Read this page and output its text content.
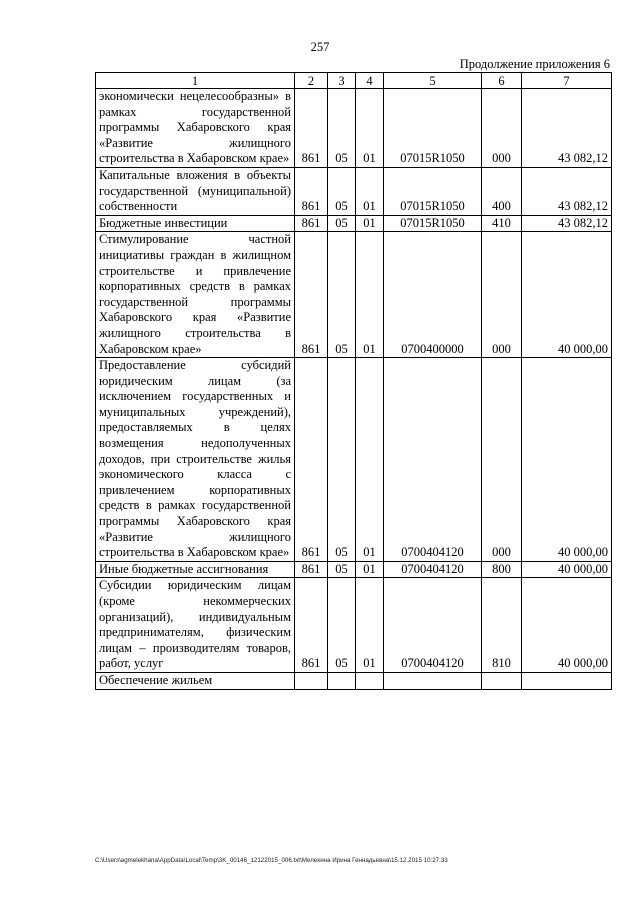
257
Продолжение приложения 6
1	2	3	4	5	6	7
экономически нецелесообразны» в рамках государственной программы Хабаровского края «Развитие жилищного строительства в Хабаровском крае»	861	05	01	07015R1050	000	43 082,12
Капитальные вложения в объекты государственной (муниципальной) собственности	861	05	01	07015R1050	400	43 082,12
Бюджетные инвестиции	861	05	01	07015R1050	410	43 082,12
Стимулирование частной инициативы граждан в жилищном строительстве и привлечение корпоративных средств в рамках государственной программы Хабаровского края «Развитие жилищного строительства в Хабаровском крае»	861	05	01	0700400000	000	40 000,00
Предоставление субсидий юридическим лицам (за исключением государственных и муниципальных учреждений), предоставляемых в целях возмещения недополученных доходов, при строительстве жилья экономического класса с привлечением корпоративных средств в рамках государственной программы Хабаровского края «Развитие жилищного строительства в Хабаровском крае»	861	05	01	0700404120	000	40 000,00
Иные бюджетные ассигнования	861	05	01	0700404120	800	40 000,00
Субсидии юридическим лицам (кроме некоммерческих организаций), индивидуальным предпринимателям, физическим лицам – производителям товаров, работ, услуг	861	05	01	0700404120	810	40 000,00
Обеспечение жильем						
C:\Users\agmelekhana\AppData\Local\Temp\3K_00146_12122015_006.txt\Мелехина Ирина Геннадьевна\15.12.2015 10:27:33
